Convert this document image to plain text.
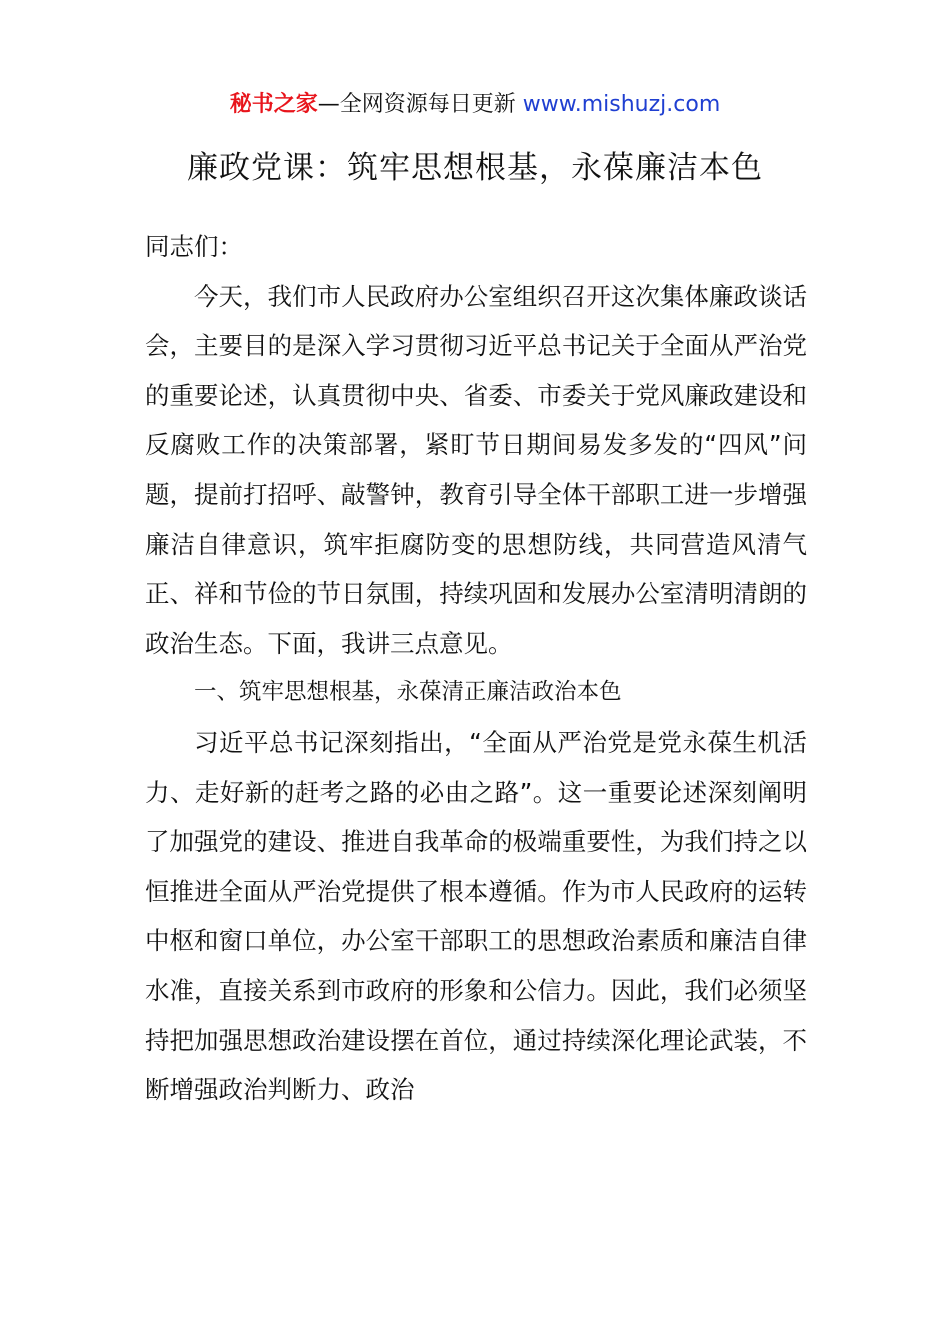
秘书之家—全网资源每日更新 www.mishuzj.com
廉政党课：筑牢思想根基，永葆廉洁本色

同志们：

今天，我们市人民政府办公室组织召开这次集体廉政谈话会，主要目的是深入学习贯彻习近平总书记关于全面从严治党的重要论述，认真贯彻中央、省委、市委关于党风廉政建设和反腐败工作的决策部署，紧盯节日期间易发多发的“四风”问题，提前打招呼、敲警钟，教育引导全体干部职工进一步增强廉洁自律意识，筑牢拒腐防变的思想防线，共同营造风清气正、祥和节俭的节日氛围，持续巩固和发展办公室清明清朗的政治生态。下面，我讲三点意见。

一、筑牢思想根基，永葆清正廉洁政治本色

习近平总书记深刻指出，“全面从严治党是党永葆生机活力、走好新的赶考之路的必由之路”。这一重要论述深刻阐明了加强党的建设、推进自我革命的极端重要性，为我们持之以恒推进全面从严治党提供了根本遵循。作为市人民政府的运转中枢和窗口单位，办公室干部职工的思想政治素质和廉洁自律水准，直接关系到市政府的形象和公信力。因此，我们必须坚持把加强思想政治建设摆在首位，通过持续深化理论武装，不断增强政治判断力、政治
